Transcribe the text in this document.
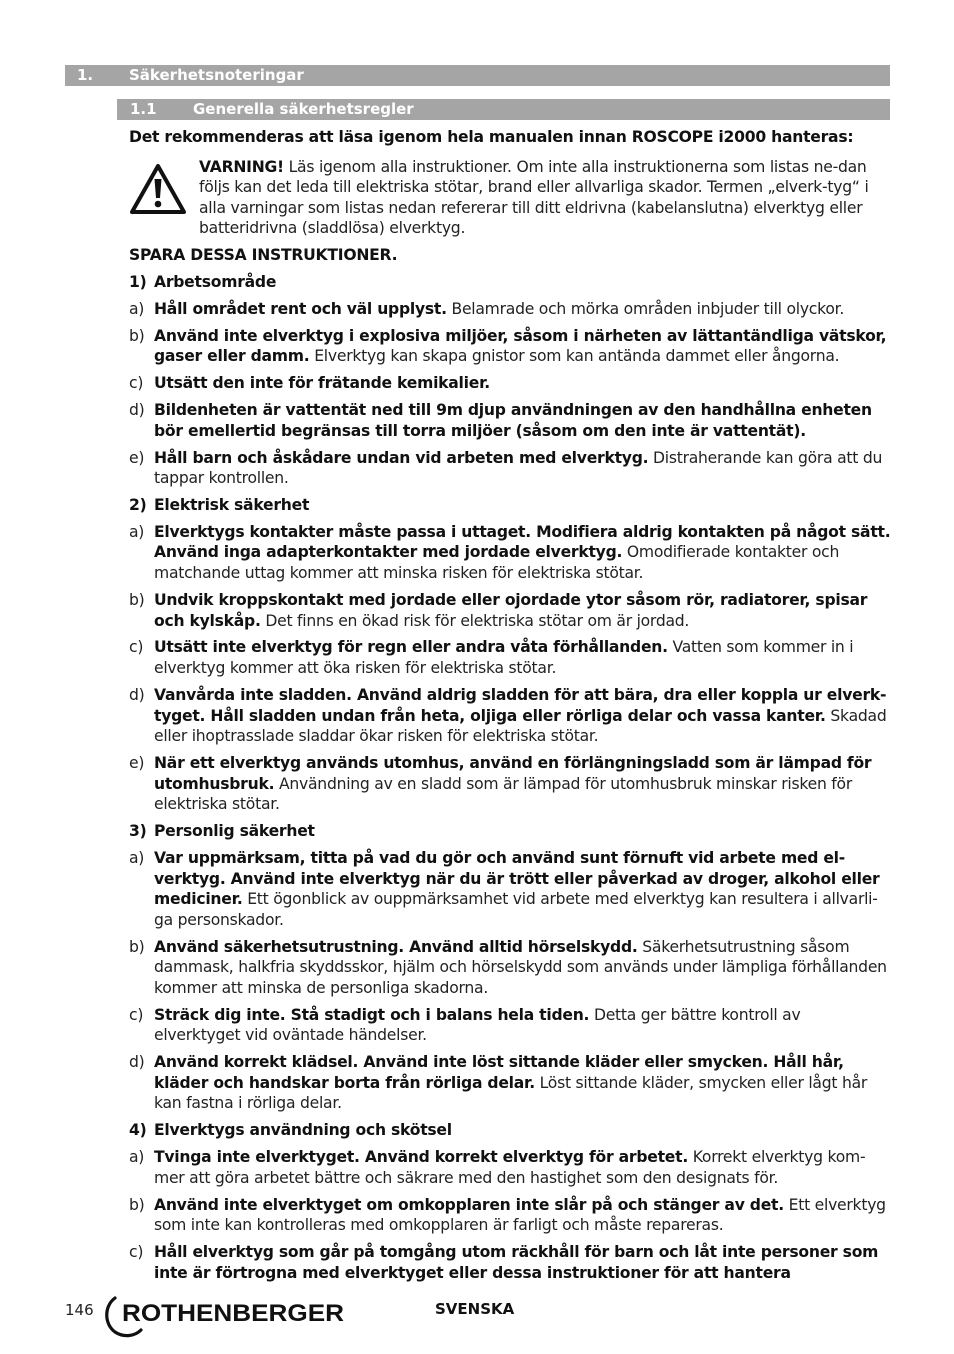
1. Säkerhetsnoteringar
1.1 Generella säkerhetsregler
Det rekommenderas att läsa igenom hela manualen innan ROSCOPE i2000 hanteras:
VARNING! Läs igenom alla instruktioner. Om inte alla instruktionerna som listas ne-dan följs kan det leda till elektriska stötar, brand eller allvarliga skador. Termen „elverk-tyg“ i alla varningar som listas nedan refererar till ditt eldrivna (kabelanslutna) elverktyg eller batteridrivna (sladdlösa) elverktyg.
SPARA DESSA INSTRUKTIONER.
1) Arbetsområde
a) Håll området rent och väl upplyst. Belamrade och mörka områden inbjuder till olyckor.
b) Använd inte elverktyg i explosiva miljöer, såsom i närheten av lättantändliga vätskor, gaser eller damm. Elverktyg kan skapa gnistor som kan antända dammet eller ångorna.
c) Utsätt den inte för frätande kemikalier.
d) Bildenheten är vattentät ned till 9m djup användningen av den handhållna enheten bör emellertid begränsas till torra miljöer (såsom om den inte är vattentät).
e) Håll barn och åskådare undan vid arbeten med elverktyg. Distraherande kan göra att du tappar kontrollen.
2) Elektrisk säkerhet
a) Elverktygs kontakter måste passa i uttaget. Modifiera aldrig kontakten på något sätt. Använd inga adapterkontakter med jordade elverktyg. Omodifierade kontakter och matchande uttag kommer att minska risken för elektriska stötar.
b) Undvik kroppskontakt med jordade eller ojordade ytor såsom rör, radiatorer, spisar och kylskåp. Det finns en ökad risk för elektriska stötar om är jordad.
c) Utsätt inte elverktyg för regn eller andra våta förhållanden. Vatten som kommer in i elverktyg kommer att öka risken för elektriska stötar.
d) Vanvårda inte sladden. Använd aldrig sladden för att bära, dra eller koppla ur elverk-tyget. Håll sladden undan från heta, oljiga eller rörliga delar och vassa kanter. Skadad eller ihoptrasslade sladdar ökar risken för elektriska stötar.
e) När ett elverktyg används utomhus, använd en förlängningsladd som är lämpad för utomhusbruk. Användning av en sladd som är lämpad för utomhusbruk minskar risken för elektriska stötar.
3) Personlig säkerhet
a) Var uppmärksam, titta på vad du gör och använd sunt förnuft vid arbete med el-verktyg. Använd inte elverktyg när du är trött eller påverkad av droger, alkohol eller mediciner. Ett ögonblick av ouppmärksamhet vid arbete med elverktyg kan resultera i allvarli-ga personskador.
b) Använd säkerhetsutrustning. Använd alltid hörselskydd. Säkerhetsutrustning såsom dammask, halkfria skyddsskor, hjälm och hörselskydd som används under lämpliga förhållanden kommer att minska de personliga skadorna.
c) Sträck dig inte. Stå stadigt och i balans hela tiden. Detta ger bättre kontroll av elverktyget vid oväntade händelser.
d) Använd korrekt klädsel. Använd inte löst sittande kläder eller smycken. Håll hår, kläder och handskar borta från rörliga delar. Löst sittande kläder, smycken eller lågt hår kan fastna i rörliga delar.
4) Elverktygs användning och skötsel
a) Tvinga inte elverktyget. Använd korrekt elverktyg för arbetet. Korrekt elverktyg kom-mer att göra arbetet bättre och säkrare med den hastighet som den designats för.
b) Använd inte elverktyget om omkopplaren inte slår på och stänger av det. Ett elverktyg som inte kan kontrolleras med omkopplaren är farligt och måste repareras.
c) Håll elverktyg som går på tomgång utom räckhåll för barn och låt inte personer som inte är förtrogna med elverktyget eller dessa instruktioner för att hantera
146 ROTHENBERGER	SVENSKA
